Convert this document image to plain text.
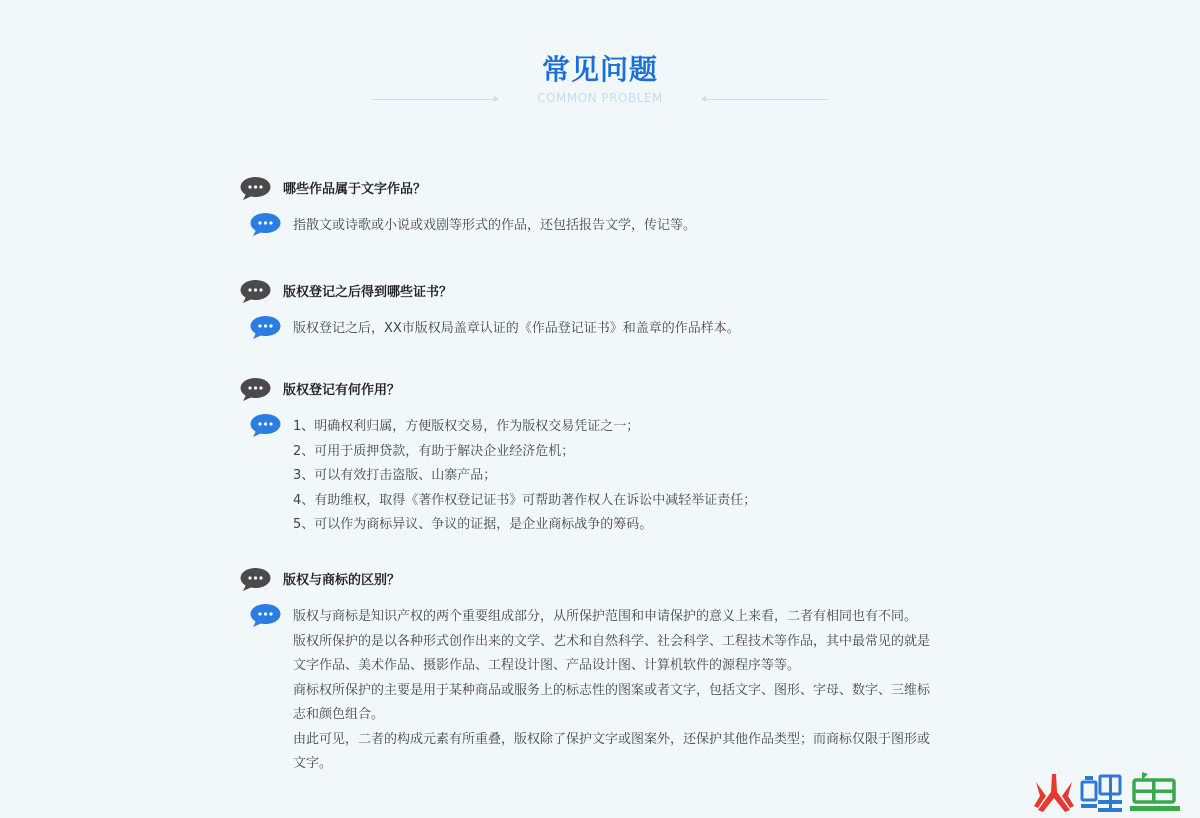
常见问题
COMMON PROBLEM
哪些作品属于文字作品？
指散文或诗歌或小说或戏剧等形式的作品，还包括报告文学，传记等。
版权登记之后得到哪些证书？
版权登记之后，XX市版权局盖章认证的《作品登记证书》和盖章的作品样本。
版权登记有何作用？
1、明确权利归属，方便版权交易，作为版权交易凭证之一；
2、可用于质押贷款，有助于解决企业经济危机；
3、可以有效打击盗版、山寨产品；
4、有助维权，取得《著作权登记证书》可帮助著作权人在诉讼中减轻举证责任；
5、可以作为商标异议、争议的证据，是企业商标战争的筹码。
版权与商标的区别？
版权与商标是知识产权的两个重要组成部分，从所保护范围和申请保护的意义上来看，二者有相同也有不同。
版权所保护的是以各种形式创作出来的文学、艺术和自然科学、社会科学、工程技术等作品，其中最常见的就是
文字作品、美术作品、摄影作品、工程设计图、产品设计图、计算机软件的源程序等等。
商标权所保护的主要是用于某种商品或服务上的标志性的图案或者文字，包括文字、图形、字母、数字、三维标
志和颜色组合。
由此可见，二者的构成元素有所重叠，版权除了保护文字或图案外，还保护其他作品类型；而商标仅限于图形或
文字。
